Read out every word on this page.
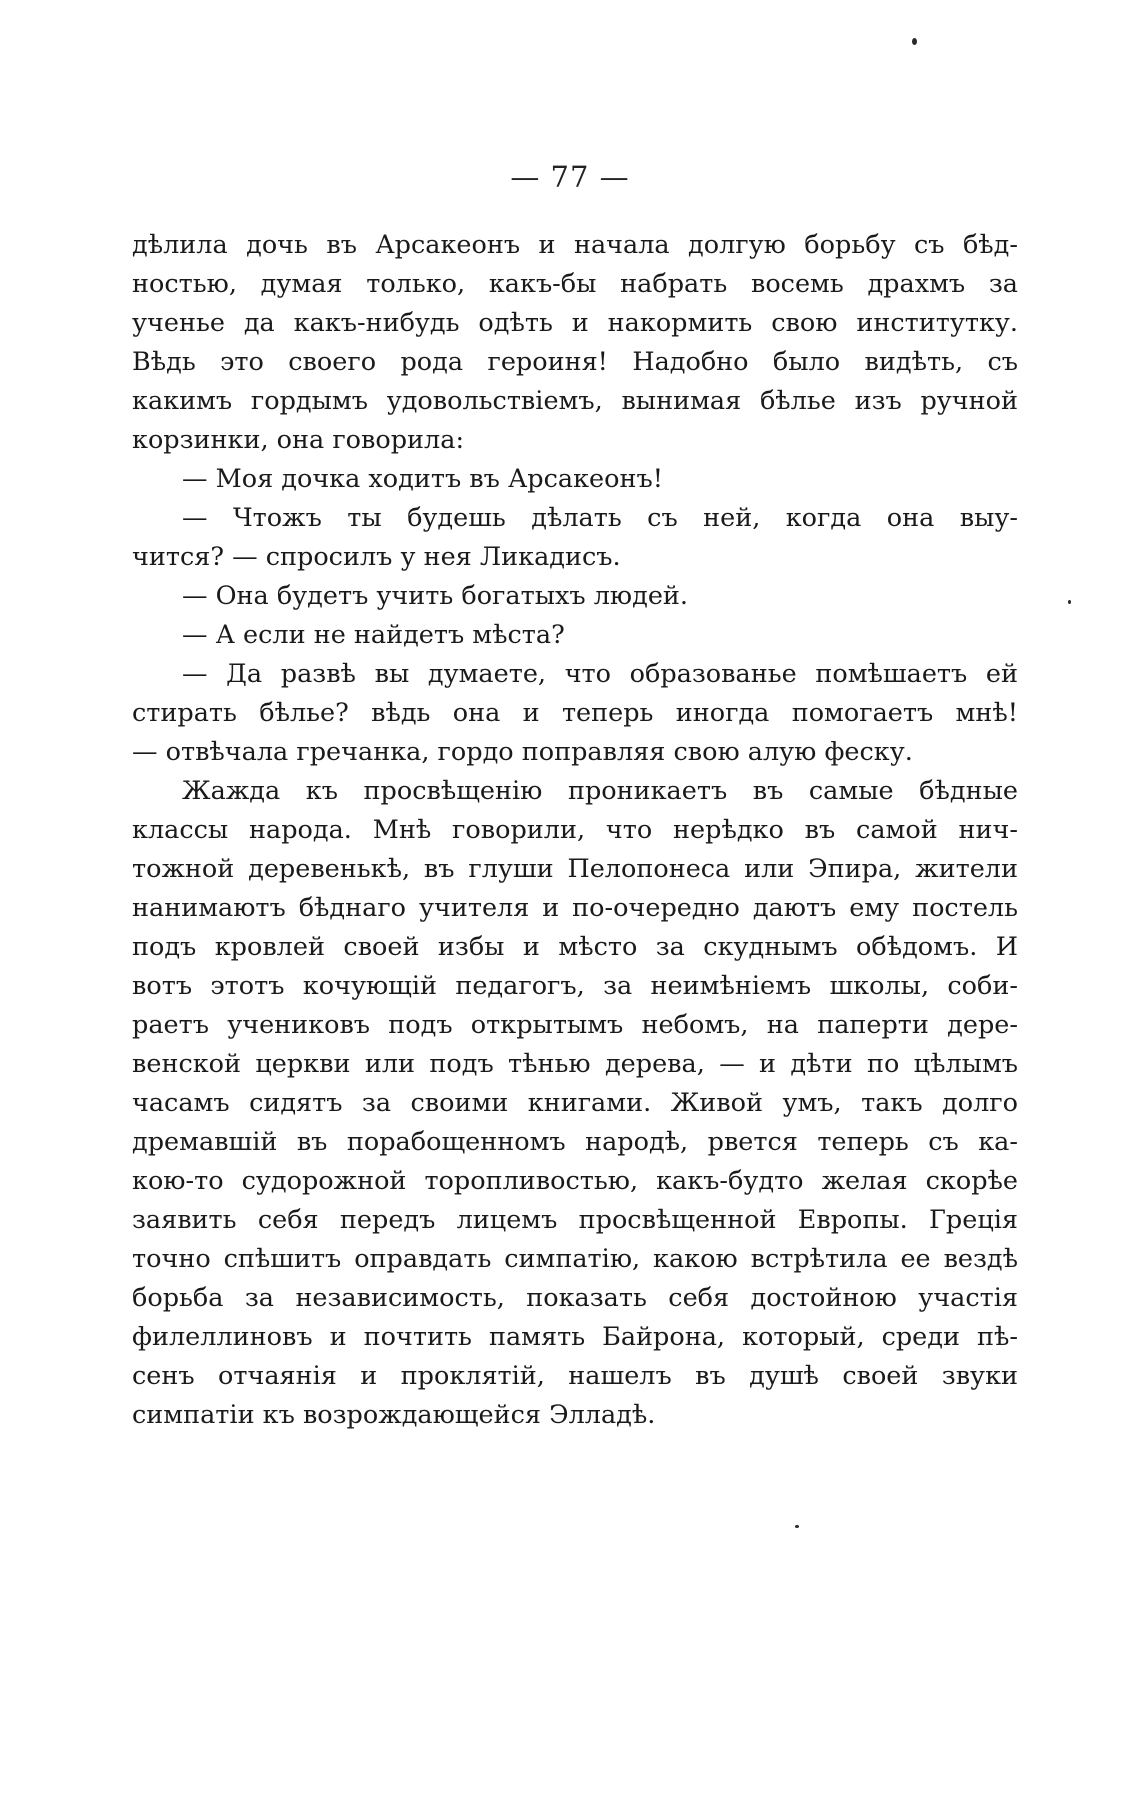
— 77 —
дѣлила дочь въ Арсакеонъ и начала долгую борьбу съ бѣд-
ностью, думая только, какъ-бы набрать восемь драхмъ за
ученье да какъ-нибудь одѣть и накормить свою институтку.
Вѣдь это своего рода героиня! Надобно было видѣть, съ
какимъ гордымъ удовольствіемъ, вынимая бѣлье изъ ручной
корзинки, она говорила:
— Моя дочка ходитъ въ Арсакеонъ!
— Чтожъ ты будешь дѣлать съ ней, когда она выу-
чится? — спросилъ у нея Ликадисъ.
— Она будетъ учить богатыхъ людей.
— А если не найдетъ мѣста?
— Да развѣ вы думаете, что образованье помѣшаетъ ей
стирать бѣлье? вѣдь она и теперь иногда помогаетъ мнѣ!
— отвѣчала гречанка, гордо поправляя свою алую феску.
Жажда къ просвѣщенію проникаетъ въ самые бѣдные
классы народа. Мнѣ говорили, что нерѣдко въ самой нич-
тожной деревенькѣ, въ глуши Пелопонеса или Эпира, жители
нанимаютъ бѣднаго учителя и по-очередно даютъ ему постель
подъ кровлей своей избы и мѣсто за скуднымъ обѣдомъ. И
вотъ этотъ кочующій педагогъ, за неимѣніемъ школы, соби-
раетъ учениковъ подъ открытымъ небомъ, на паперти дере-
венской церкви или подъ тѣнью дерева, — и дѣти по цѣлымъ
часамъ сидятъ за своими книгами. Живой умъ, такъ долго
дремавшій въ порабощенномъ народѣ, рвется теперь съ ка-
кою-то судорожной торопливостью, какъ-будто желая скорѣе
заявить себя передъ лицемъ просвѣщенной Европы. Греція
точно спѣшитъ оправдать симпатію, какою встрѣтила ее вездѣ
борьба за независимость, показать себя достойною участія
филеллиновъ и почтить память Байрона, который, среди пѣ-
сенъ отчаянія и проклятій, нашелъ въ душѣ своей звуки
симпатіи къ возрождающейся Элладѣ.
